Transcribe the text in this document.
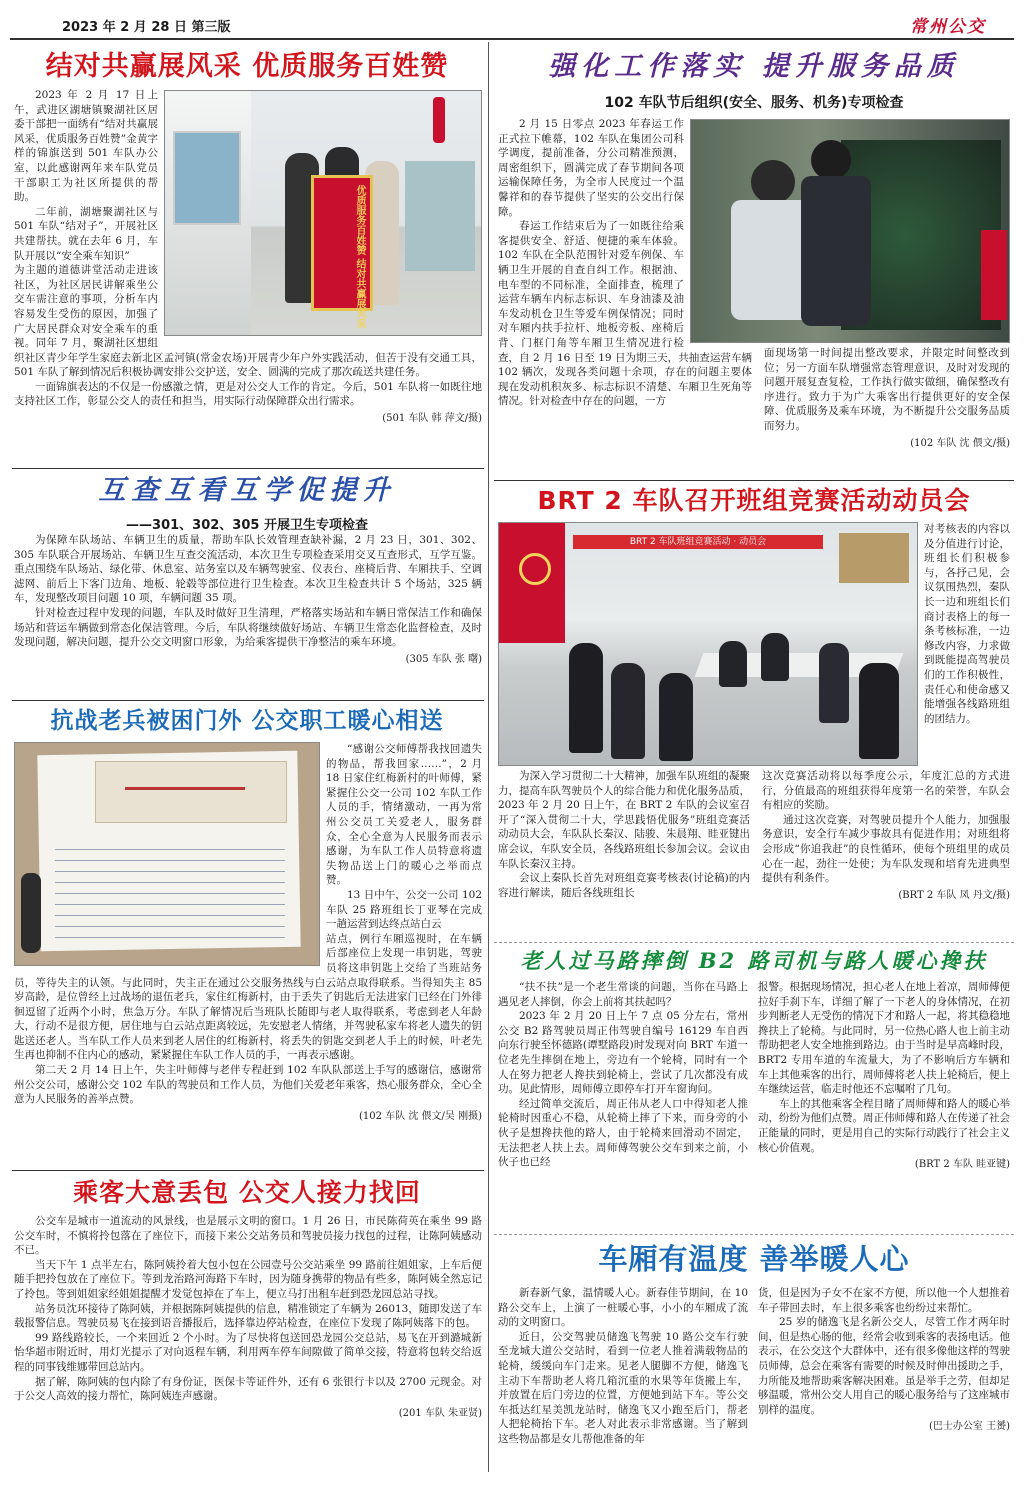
2023 年 2 月 28 日 第三版	常州公交
结对共赢展风采 优质服务百姓赞
优质服务百姓赞 结对共赢展风采

2023 年 2 月 17 日上午，武进区湖塘镇聚湖社区居委干部把一面绣有“结对共赢展风采，优质服务百姓赞”金黄字样的锦旗送到 501 车队办公室，以此感谢两年来车队党员干部职工为社区所提供的帮助。

二年前，湖塘聚湖社区与 501 车队“结对子”，开展社区共建帮扶。就在去年 6 月，车队开展以“安全乘车知识”

为主题的道德讲堂活动走进该社区，为社区居民讲解乘坐公交车需注意的事项，分析车内容易发生受伤的原因，加强了广大居民群众对安全乘车的重视。同年 7 月，聚湖社区想组织社区青少年学生家庭去新北区孟河镇(常金农场)开展青少年户外实践活动，但苦于没有交通工具，501 车队了解到情况后积极协调安排公交护送，安全、圆满的完成了那次疏送共建任务。

一面锦旗表达的不仅是一份感激之情，更是对公交人工作的肯定。今后，501 车队将一如既往地支持社区工作，彰显公交人的责任和担当，用实际行动保障群众出行需求。

(501 车队 韩 萍文/摄)
互查互看互学促提升
——301、302、305 开展卫生专项检查

为保障车队场站、车辆卫生的质量，帮助车队长效管理查缺补漏，2 月 23 日，301、302、305 车队联合开展场站、车辆卫生互查交流活动，本次卫生专项检查采用交叉互查形式，互学互鉴。重点围绕车队场站、绿化带、休息室、站务室以及车辆驾驶室、仪表台、座椅后背、车厢扶手、空调滤网、前后上下客门边角、地板、轮毂等部位进行卫生检查。本次卫生检查共计 5 个场站，325 辆车，发现整改项目问题 10 项，车辆问题 35 项。

针对检查过程中发现的问题，车队及时做好卫生清理，严格落实场站和车辆日常保洁工作和确保场站和营运车辆做到常态化保洁管理。今后，车队将继续做好场站、车辆卫生常态化监督检查，及时发现问题，解决问题，提升公交文明窗口形象，为给乘客提供干净整洁的乘车环境。

(305 车队 张 曙)
抗战老兵被困门外 公交职工暖心相送

“感谢公交师傅帮我找回遗失的物品，帮我回家……”，2 月 18 日家住红梅新村的叶师傅，紧紧握住公交一公司 102 车队工作人员的手，情绪激动，一再为常州公交员工关爱老人，服务群众，全心全意为人民服务而表示感谢，为车队工作人员特意将遗失物品送上门的暖心之举而点赞。

13 日中午，公交一公司 102 车队 25 路班组长丁亚琴在完成一趟运营到达终点站白云

站点，例行车厢巡视时，在车辆后部座位上发现一串钥匙，驾驶员将这串钥匙上交给了当班站务员，等待失主的认领。与此同时，失主正在通过公交服务热线与白云站点取得联系。当得知失主 85 岁高龄，是位曾经上过战场的退伍老兵，家住红梅新村，由于丢失了钥匙后无法进家门已经在门外徘徊逗留了近两个小时，焦急万分。车队了解情况后当班队长随即与老人取得联系，考虑到老人年龄大，行动不是很方便，居住地与白云站点距离较远，先安慰老人情绪，并驾驶私家车将老人遗失的钥匙送还老人。当车队工作人员来到老人居住的红梅新村，将丢失的钥匙交到老人手上的时候，叶老先生再也抑制不住内心的感动，紧紧握住车队工作人员的手，一再表示感谢。

第二天 2 月 14 日上午，失主叶师傅与老伴专程赶到 102 车队队部送上手写的感谢信，感谢常州公交公司，感谢公交 102 车队的驾驶员和工作人员，为他们关爱老年乘客，热心服务群众，全心全意为人民服务的善举点赞。

(102 车队 沈 偎文/吴 刚摄)
乘客大意丢包 公交人接力找回

公交车是城市一道流动的风景线，也是展示文明的窗口。1 月 26 日，市民陈荷英在乘坐 99 路公交车时，不慎将拎包落在了座位下，而接下来公交站务员和驾驶员接力找包的过程，让陈阿姨感动不已。

当天下午 1 点半左右，陈阿姨拎着大包小包在公园壹号公交站乘坐 99 路前往姐姐家，上车后便随手把拎包放在了座位下。等到龙治路河海路下车时，因为随身携带的物品有些多，陈阿姨全然忘记了拎包。等到姐姐家经姐姐提醒才发觉包掉在了车上，便立马打出租车赶到恐龙园总站寻找。

站务员沈环接待了陈阿姨，并根据陈阿姨提供的信息，精准锁定了车辆为 26013，随即发送了车载报警信息。驾驶员易飞在接到语音播报后，选择靠边停站检查，在座位下发现了陈阿姨落下的包。

99 路线路较长，一个来回近 2 个小时。为了尽快将包送回恐龙园公交总站，易飞在开到潞城新怡华超市附近时，用灯光提示了对向返程车辆，利用两车停车间隙做了简单交接，特意将包转交给返程的同事钱维娜带回总站内。

据了解，陈阿姨的包内除了有身份证，医保卡等证件外，还有 6 张银行卡以及 2700 元现金。对于公交人高效的接力帮忙，陈阿姨连声感谢。

(201 车队 朱亚贤)
强化工作落实 提升服务品质
102 车队节后组织(安全、服务、机务)专项检查

2 月 15 日零点 2023 年春运工作正式拉下帷幕，102 车队在集团公司科学调度，提前准备，分公司精准预测，周密组织下，圆满完成了春节期间各项运输保障任务，为全市人民度过一个温馨祥和的春节提供了坚实的公交出行保障。

面现场第一时间提出整改要求，并限定时间整改到位；另一方面车队增强常态管理意识，及时对发现的问题开展复查复检，工作执行做实做细，确保整改有序进行。致力于为广大乘客出行提供更好的安全保障、优质服务及乘车环境，为不断提升公交服务品质而努力。

(102 车队 沈 偎文/摄)

春运工作结束后为了一如既往给乘客提供安全、舒适、便捷的乘车体验。102 车队在全队范围针对爱车例保、车辆卫生开展的自查自纠工作。根据油、电车型的不同标准，全面排查，梳理了运营车辆车内标志标识、车身油漆及油车发动机仓卫生等爱车例保情况；同时对车厢内扶手拉杆、地板旁板、座椅后背、门框门角等车厢卫生情况进行检查，自 2 月 16 日至 19 日为期三天，共抽查运营车辆 102 辆次，发现各类问题十余项，存在的问题主要体现在发动机积灰多、标志标识不清楚、车厢卫生死角等情况。针对检查中存在的问题，一方

BRT 2 车队召开班组竞赛活动动员会
BRT 2 车队班组竞赛活动 · 动员会

对考核表的内容以及分值进行讨论，班组长们积极参与，各抒己见，会议氛围热烈，秦队长一边和班组长们商讨表格上的每一条考核标准，一边修改内容，力求做到既能提高驾驶员们的工作积极性，责任心和使命感又能增强各线路班组的团结力。

这次竞赛活动将以每季度公示，年度汇总的方式进行，分值最高的班组获得年度第一名的荣誉，车队会有相应的奖励。

通过这次竞赛，对驾驶员提升个人能力，加强服务意识，安全行车减少事故具有促进作用；对班组将会形成“你追我赶”的良性循环，使每个班组里的成员心在一起，劲往一处使；为车队发现和培育先进典型提供有利条件。

(BRT 2 车队 凤 丹文/摄)

为深入学习贯彻二十大精神，加强车队班组的凝聚力，提高车队驾驶员个人的综合能力和优化服务品质，2023 年 2 月 20 日上午，在 BRT 2 车队的会议室召开了“深入贯彻二十大，学思践悟优服务”班组竞赛活动动员大会，车队队长秦汉、陆骏、朱晨翔、眭亚键出席会议，车队安全员，各线路班组长参加会议。会议由车队长秦汉主持。

会议上秦队长首先对班组竞赛考核表(讨论稿)的内容进行解读，随后各线班组长

老人过马路摔倒 B2 路司机与路人暖心搀扶

报警。根据现场情况，担心老人在地上着凉，周师傅便拉好手刹下车，详细了解了一下老人的身体情况，在初步判断老人无受伤的情况下才和路人一起，将其稳稳地搀扶上了轮椅。与此同时，另一位热心路人也上前主动帮助把老人安全地推到路边。由于当时是早高峰时段，BRT2 专用车道的车流量大，为了不影响后方车辆和车上其他乘客的出行，周师傅将老人扶上轮椅后，便上车继续运营，临走时他还不忘嘱咐了几句。

车上的其他乘客全程目睹了周师傅和路人的暖心举动，纷纷为他们点赞。周正伟师傅和路人在传递了社会正能量的同时，更是用自己的实际行动践行了社会主义核心价值观。

(BRT 2 车队 眭亚键)

“扶不扶”是一个老生常谈的问题，当你在马路上遇见老人摔倒，你会上前将其扶起吗？

2023 年 2 月 20 日上午 7 点 05 分左右，常州公交 B2 路驾驶员周正伟驾驶自编号 16129 车自西向东行驶至怀德路(谭墅路段)时发现对向 BRT 车道一位老先生摔倒在地上，旁边有一个轮椅，同时有一个人在努力把老人搀扶到轮椅上，尝试了几次都没有成功。见此情形，周师傅立即停车打开车窗询问。

经过简单交流后，周正伟从老人口中得知老人推轮椅时因重心不稳，从轮椅上摔了下来，而身旁的小伙子是想搀扶他的路人，由于轮椅来回滑动不固定，无法把老人扶上去。周师傅驾驶公交车到来之前，小伙子也已经

车厢有温度 善举暖人心

货，但是因为子女不在家不方便，所以他一个人想推着车子带回去时，车上很多乘客也纷纷过来帮忙。

25 岁的储逸飞是名新公交人，尽管工作才两年时间，但是热心肠的他，经常会收到乘客的表扬电话。他表示，在公交这个大群体中，还有很多像他这样的驾驶员师傅，总会在乘客有需要的时候及时伸出援助之手，力所能及地帮助乘客解决困难。虽是举手之劳，但却足够温暖，常州公交人用自己的暖心服务给与了这座城市别样的温度。

(巴士办公室 王赟)

新春新气象，温情暖人心。新春佳节期间，在 10 路公交车上，上演了一桩暖心事，小小的车厢成了流动的文明窗口。

近日，公交驾驶员储逸飞驾驶 10 路公交车行驶至龙城大道公交站时，看到一位老人推着满载物品的轮椅，缓缓向车门走来。见老人腿脚不方便，储逸飞主动下车帮助老人将几箱沉重的水果等年货搬上车，并放置在后门旁边的位置，方便她到站下车。等公交车抵达红星美凯龙站时，储逸飞又小跑至后门，帮老人把轮椅抬下车。老人对此表示非常感谢。当了解到这些物品都是女儿帮他准备的年
